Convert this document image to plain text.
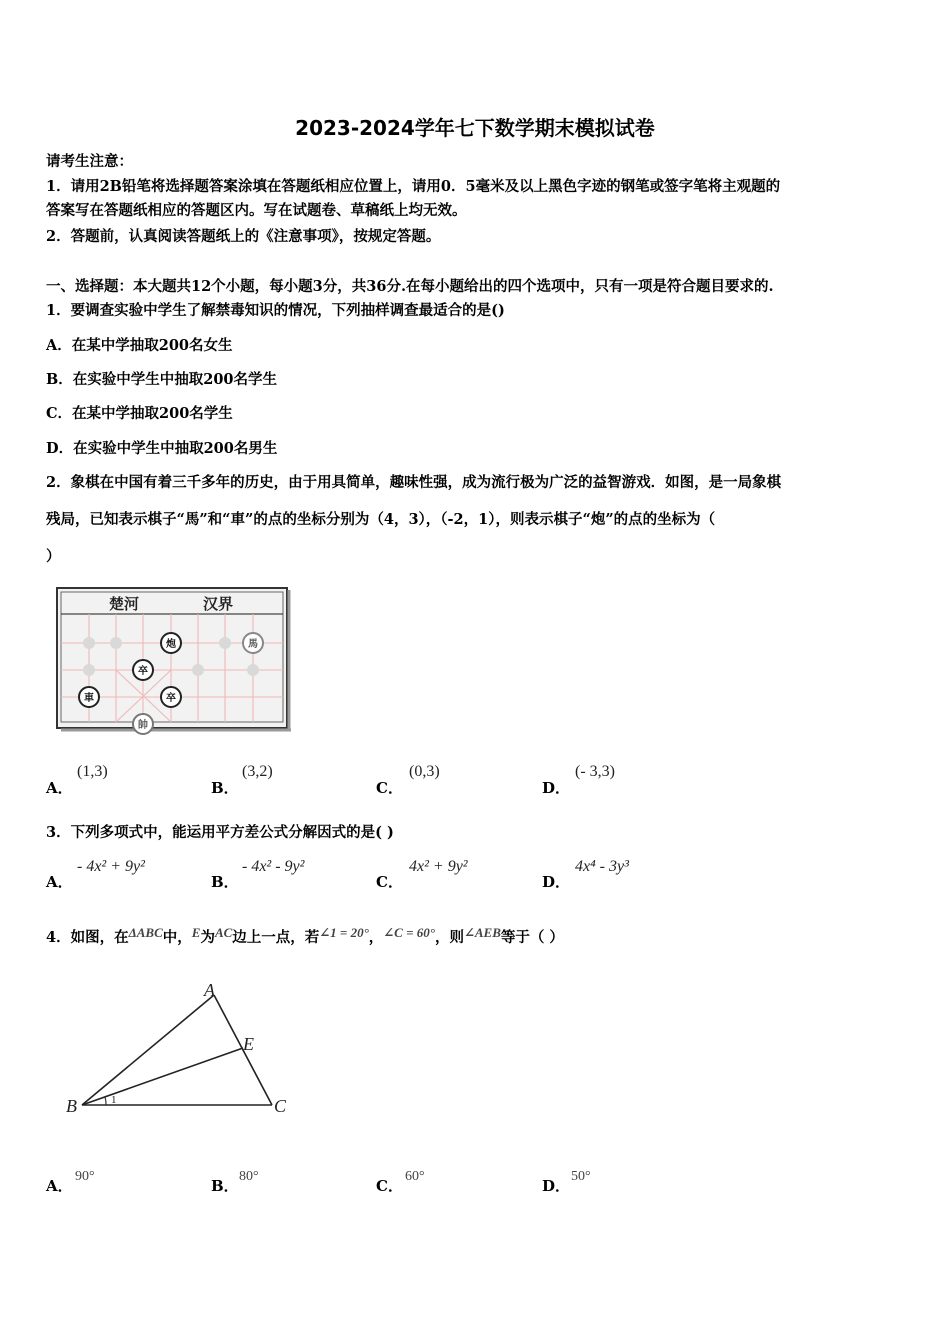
2023-2024学年七下数学期末模拟试卷
请考生注意：
1．请用2B铅笔将选择题答案涂填在答题纸相应位置上，请用0．5毫米及以上黑色字迹的钢笔或签字笔将主观题的
答案写在答题纸相应的答题区内。写在试题卷、草稿纸上均无效。
2．答题前，认真阅读答题纸上的《注意事项》，按规定答题。
一、选择题：本大题共12个小题，每小题3分，共36分.在每小题给出的四个选项中，只有一项是符合题目要求的.
1．要调查实验中学生了解禁毒知识的情况，下列抽样调查最适合的是()
A．在某中学抽取200名女生
B．在实验中学生中抽取200名学生
C．在某中学抽取200名学生
D．在实验中学生中抽取200名男生
2．象棋在中国有着三千多年的历史，由于用具简单，趣味性强，成为流行极为广泛的益智游戏．如图，是一局象棋
残局，已知表示棋子“馬”和“車”的点的坐标分别为（4，3），（-2，1），则表示棋子“炮”的点的坐标为（
）
楚河	汉界
炮	馬
卒
車	卒
帥
A．
(1,3)
B．
(3,2)
C．
(0,3)
D．
(- 3,3)
3．下列多项式中，能运用平方差公式分解因式的是( )
A．
- 4x² + 9y²
B．
- 4x² - 9y²
C．
4x² + 9y²
D．
4x⁴ - 3y³
4．如图，在ΔABC中，E为AC边上一点，若∠1 = 20°，∠C = 60°，则∠AEB等于（ ）
1
A
B	C
E
A．
90°
B．
80°
C．
60°
D．
50°
